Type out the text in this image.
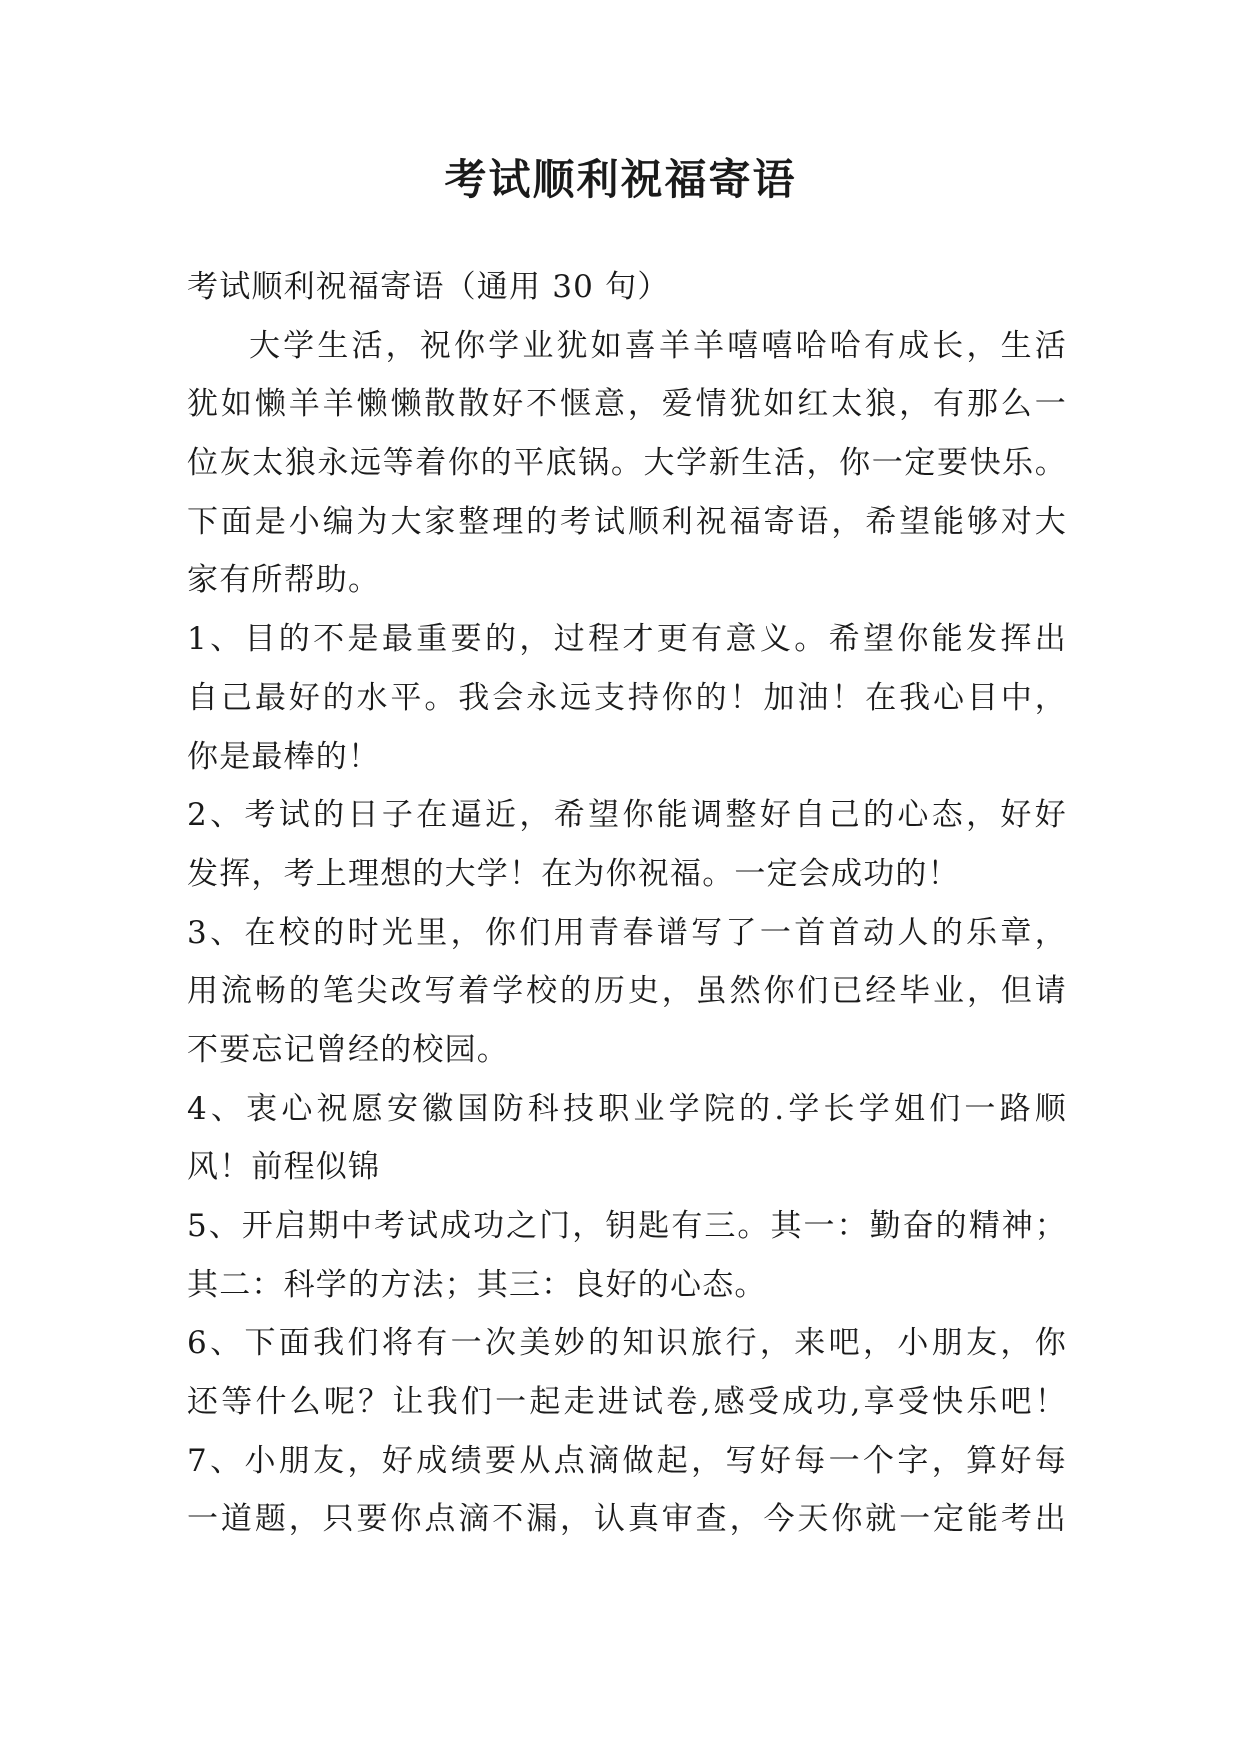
考试顺利祝福寄语
考试顺利祝福寄语（通用 30 句）
大学生活，祝你学业犹如喜羊羊嘻嘻哈哈有成长，生活
犹如懒羊羊懒懒散散好不惬意，爱情犹如红太狼，有那么一
位灰太狼永远等着你的平底锅。大学新生活，你一定要快乐。
下面是小编为大家整理的考试顺利祝福寄语，希望能够对大
家有所帮助。
1、目的不是最重要的，过程才更有意义。希望你能发挥出
自己最好的水平。我会永远支持你的！加油！在我心目中，
你是最棒的！
2、考试的日子在逼近，希望你能调整好自己的心态，好好
发挥，考上理想的大学！在为你祝福。一定会成功的！
3、在校的时光里，你们用青春谱写了一首首动人的乐章，
用流畅的笔尖改写着学校的历史，虽然你们已经毕业，但请
不要忘记曾经的校园。
4、衷心祝愿安徽国防科技职业学院的.学长学姐们一路顺
风！前程似锦
5、开启期中考试成功之门，钥匙有三。其一：勤奋的精神；
其二：科学的方法；其三：良好的心态。
6、下面我们将有一次美妙的知识旅行，来吧，小朋友，你
还等什么呢？让我们一起走进试卷,感受成功,享受快乐吧！
7、小朋友，好成绩要从点滴做起，写好每一个字，算好每
一道题，只要你点滴不漏，认真审查，今天你就一定能考出
